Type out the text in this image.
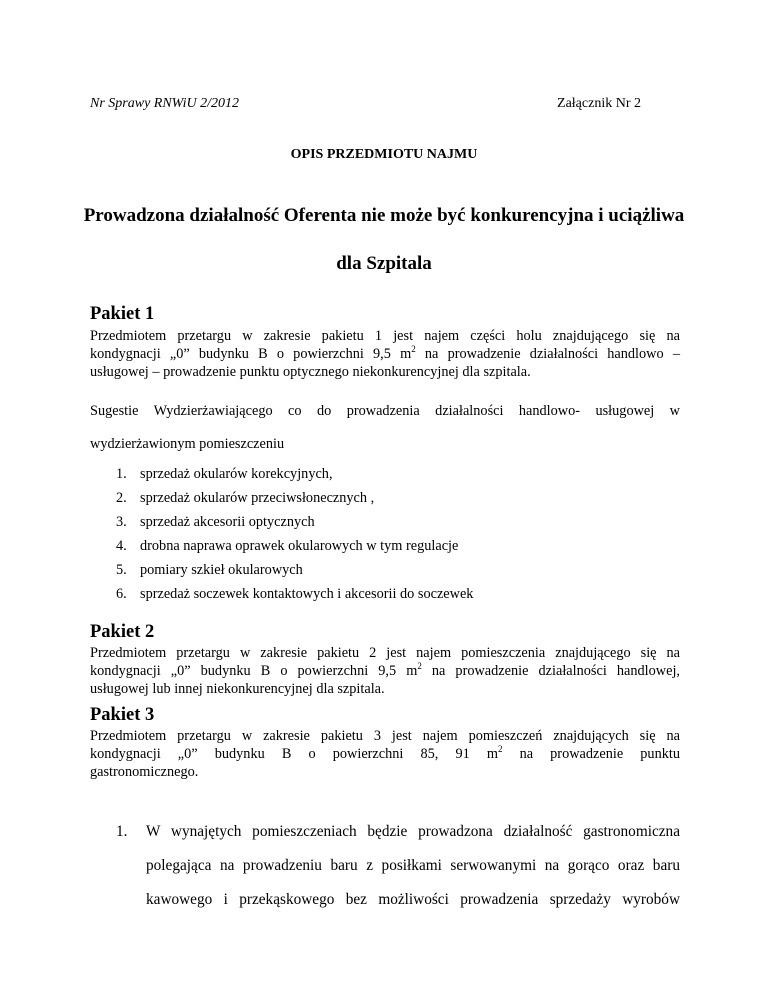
Nr Sprawy RNWiU 2/2012	Załącznik Nr 2
OPIS PRZEDMIOTU NAJMU
Prowadzona działalność Oferenta nie może być konkurencyjna i uciążliwa
dla Szpitala
Pakiet 1
Przedmiotem przetargu w zakresie pakietu 1 jest najem części holu znajdującego się na
kondygnacji „0” budynku B o powierzchni 9,5 $m^2$ na prowadzenie działalności handlowo –
usługowej – prowadzenie punktu optycznego niekonkurencyjnej dla szpitala.
Sugestie Wydzierżawiającego co do prowadzenia działalności handlowo- usługowej w
wydzierżawionym pomieszczeniu
1. sprzedaż okularów korekcyjnych,
2. sprzedaż okularów przeciwsłonecznych ,
3. sprzedaż akcesorii optycznych
4. drobna naprawa oprawek okularowych w tym regulacje
5. pomiary szkieł okularowych
6. sprzedaż soczewek kontaktowych i akcesorii do soczewek
Pakiet 2
Przedmiotem przetargu w zakresie pakietu 2 jest najem pomieszczenia znajdującego się na
kondygnacji „0” budynku B o powierzchni 9,5 $m^2$ na prowadzenie działalności handlowej,
usługowej lub innej niekonkurencyjnej dla szpitala.
Pakiet 3
Przedmiotem przetargu w zakresie pakietu 3 jest najem pomieszczeń znajdujących się na
kondygnacji „0” budynku B o powierzchni 85, 91 $m^2$ na prowadzenie punktu
gastronomicznego.
1. W wynajętych pomieszczeniach będzie prowadzona działalność gastronomiczna
polegająca na prowadzeniu baru z posiłkami serwowanymi na gorąco oraz baru
kawowego i przekąskowego bez możliwości prowadzenia sprzedaży wyrobów
